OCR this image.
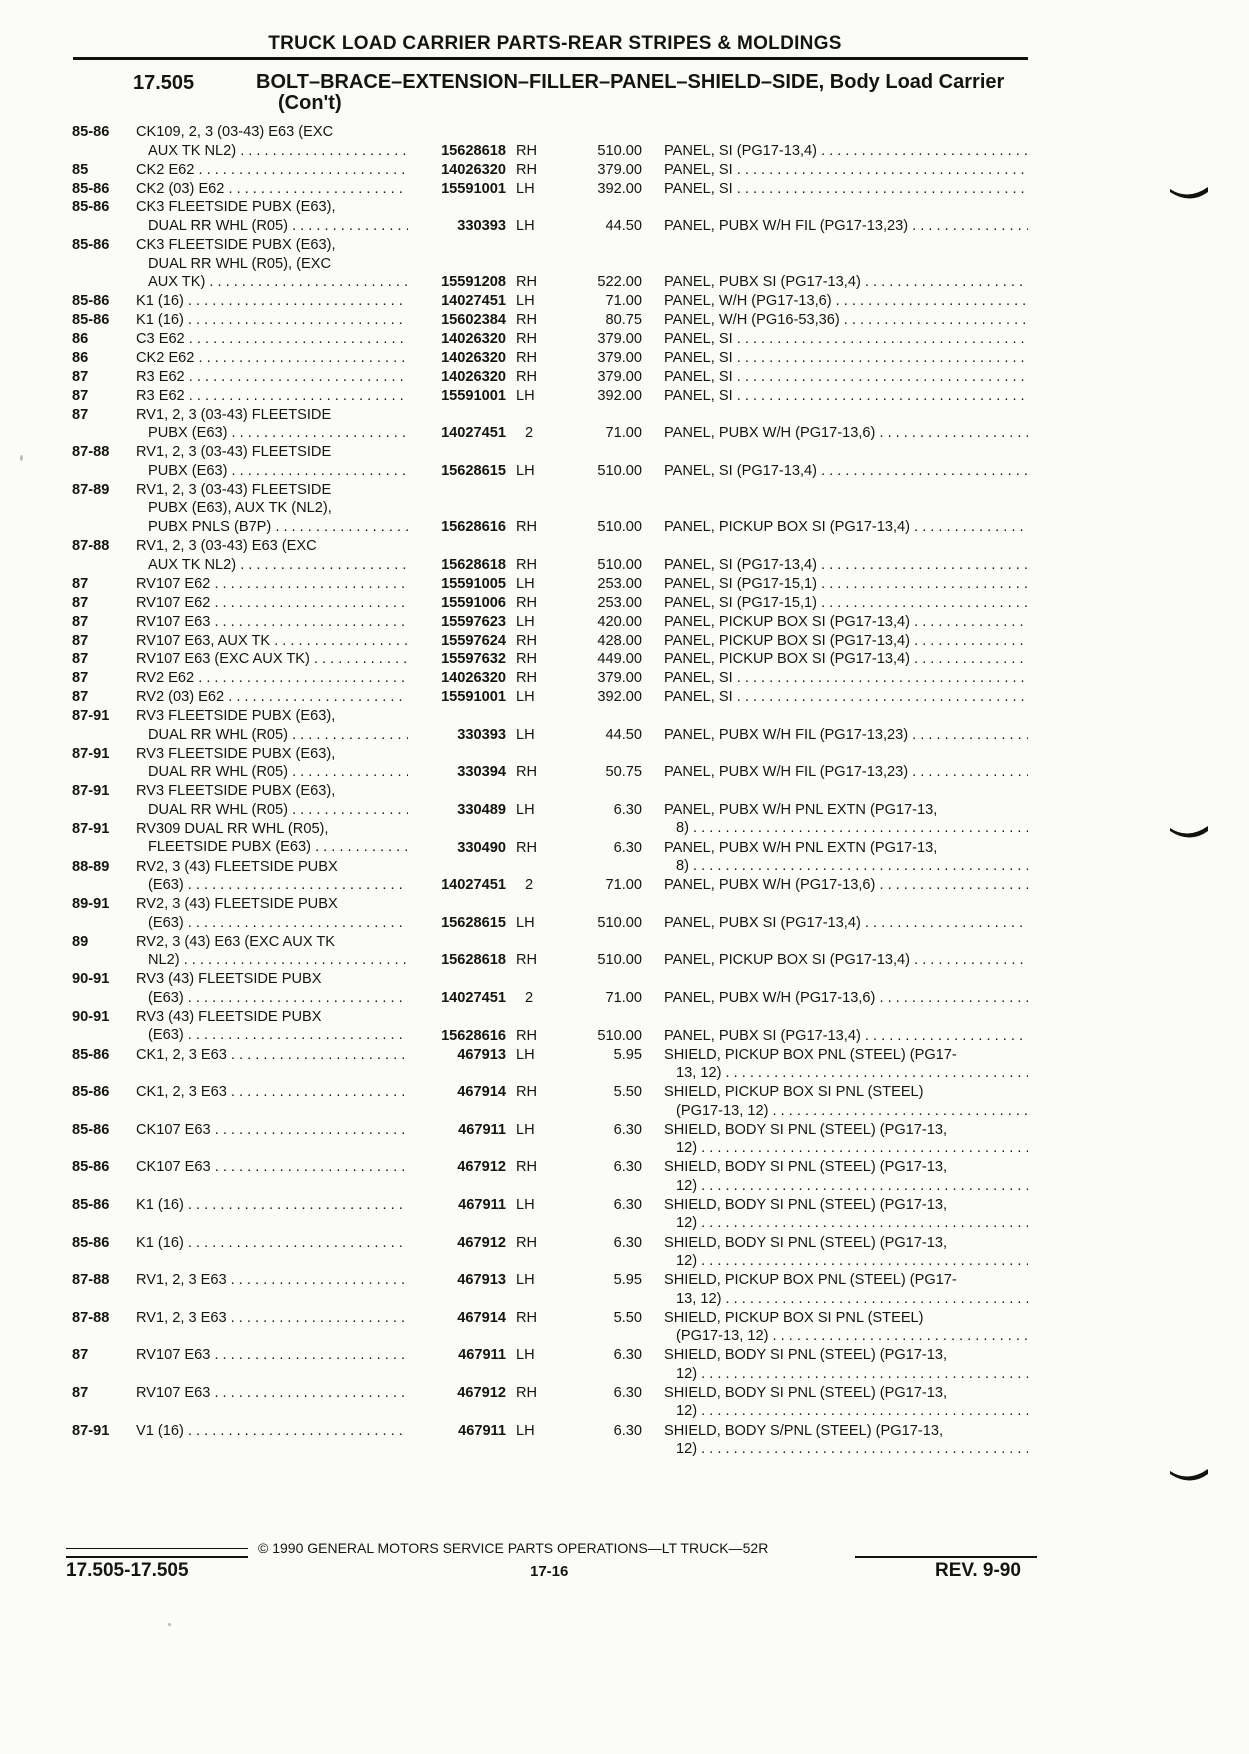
TRUCK LOAD CARRIER PARTS-REAR STRIPES & MOLDINGS
17.505	BOLT–BRACE–EXTENSION–FILLER–PANEL–SHIELD–SIDE, Body Load Carrier (Con't)
85-86 CK109, 2, 3 (03-43) E63 (EXC
AUX TK NL2) . . .	15628618 RH	510.00 PANEL, SI (PG17-13,4) . . .
85	CK2 E62 . . .	14026320 RH	379.00 PANEL, SI . . .
85-86 CK2 (03) E62 . . .	15591001 LH	392.00 PANEL, SI . . .
85-86 CK3 FLEETSIDE PUBX (E63),
DUAL RR WHL (R05) . . .	330393 LH	44.50 PANEL, PUBX W/H FIL (PG17-13,23) . . .
85-86 CK3 FLEETSIDE PUBX (E63),
DUAL RR WHL (R05), (EXC
AUX TK) . . .	15591208 RH	522.00 PANEL, PUBX SI (PG17-13,4) . . .
85-86 K1 (16) . . .	14027451 LH	71.00 PANEL, W/H (PG17-13,6) . . .
85-86 K1 (16) . . .	15602384 RH	80.75 PANEL, W/H (PG16-53,36) . . .
86	C3 E62 . . .	14026320 RH	379.00 PANEL, SI . . .
86	CK2 E62 . . .	14026320 RH	379.00 PANEL, SI . . .
87	R3 E62 . . .	14026320 RH	379.00 PANEL, SI . . .
87	R3 E62 . . .	15591001 LH	392.00 PANEL, SI . . .
87	RV1, 2, 3 (03-43) FLEETSIDE
PUBX (E63) . . .	14027451	2	71.00 PANEL, PUBX W/H (PG17-13,6) . . .
87-88 RV1, 2, 3 (03-43) FLEETSIDE
PUBX (E63) . . .	15628615 LH	510.00 PANEL, SI (PG17-13,4) . . .
87-89 RV1, 2, 3 (03-43) FLEETSIDE
PUBX (E63), AUX TK (NL2),
PUBX PNLS (B7P) . . .	15628616 RH	510.00 PANEL, PICKUP BOX SI (PG17-13,4) . . .
87-88 RV1, 2, 3 (03-43) E63 (EXC
AUX TK NL2) . . .	15628618 RH	510.00 PANEL, SI (PG17-13,4) . . .
87	RV107 E62 . . .	15591005 LH	253.00 PANEL, SI (PG17-15,1) . . .
87	RV107 E62 . . .	15591006 RH	253.00 PANEL, SI (PG17-15,1) . . .
87	RV107 E63 . . .	15597623 LH	420.00 PANEL, PICKUP BOX SI (PG17-13,4) . . .
87	RV107 E63, AUX TK . . .	15597624 RH	428.00 PANEL, PICKUP BOX SI (PG17-13,4) . . .
87	RV107 E63 (EXC AUX TK) . . .	15597632 RH	449.00 PANEL, PICKUP BOX SI (PG17-13,4) . . .
87	RV2 E62 . . .	14026320 RH	379.00 PANEL, SI . . .
87	RV2 (03) E62 . . .	15591001 LH	392.00 PANEL, SI . . .
87-91 RV3 FLEETSIDE PUBX (E63),
DUAL RR WHL (R05) . . .	330393 LH	44.50 PANEL, PUBX W/H FIL (PG17-13,23) . . .
87-91 RV3 FLEETSIDE PUBX (E63),
DUAL RR WHL (R05) . . .	330394 RH	50.75 PANEL, PUBX W/H FIL (PG17-13,23) . . .
87-91 RV3 FLEETSIDE PUBX (E63),
DUAL RR WHL (R05) . . .	330489 LH	6.30 PANEL, PUBX W/H PNL EXTN (PG17-13,
8) . . .
87-91 RV309 DUAL RR WHL (R05),
FLEETSIDE PUBX (E63) . . .	330490 RH	6.30 PANEL, PUBX W/H PNL EXTN (PG17-13,
8) . . .
88-89 RV2, 3 (43) FLEETSIDE PUBX
(E63) . . .	14027451	2	71.00 PANEL, PUBX W/H (PG17-13,6) . . .
89-91 RV2, 3 (43) FLEETSIDE PUBX
(E63) . . .	15628615 LH	510.00 PANEL, PUBX SI (PG17-13,4) . . .
89	RV2, 3 (43) E63 (EXC AUX TK
NL2) . . .	15628618 RH	510.00 PANEL, PICKUP BOX SI (PG17-13,4) . . .
90-91 RV3 (43) FLEETSIDE PUBX
(E63) . . .	14027451	2	71.00 PANEL, PUBX W/H (PG17-13,6) . . .
90-91 RV3 (43) FLEETSIDE PUBX
(E63) . . .	15628616 RH	510.00 PANEL, PUBX SI (PG17-13,4) . . .
85-86 CK1, 2, 3 E63 . . .	467913 LH	5.95 SHIELD, PICKUP BOX PNL (STEEL) (PG17-
13, 12) . . .
85-86 CK1, 2, 3 E63 . . .	467914 RH	5.50 SHIELD, PICKUP BOX SI PNL (STEEL)
(PG17-13, 12) . . .
85-86 CK107 E63 . . .	467911 LH	6.30 SHIELD, BODY SI PNL (STEEL) (PG17-13,
12) . . .
85-86 CK107 E63 . . .	467912 RH	6.30 SHIELD, BODY SI PNL (STEEL) (PG17-13,
12) . . .
85-86 K1 (16) . . .	467911 LH	6.30 SHIELD, BODY SI PNL (STEEL) (PG17-13,
12) . . .
85-86 K1 (16) . . .	467912 RH	6.30 SHIELD, BODY SI PNL (STEEL) (PG17-13,
12) . . .
87-88 RV1, 2, 3 E63 . . .	467913 LH	5.95 SHIELD, PICKUP BOX PNL (STEEL) (PG17-
13, 12) . . .
87-88 RV1, 2, 3 E63 . . .	467914 RH	5.50 SHIELD, PICKUP BOX SI PNL (STEEL)
(PG17-13, 12) . . .
87	RV107 E63 . . .	467911 LH	6.30 SHIELD, BODY SI PNL (STEEL) (PG17-13,
12) . . .
87	RV107 E63 . . .	467912 RH	6.30 SHIELD, BODY SI PNL (STEEL) (PG17-13,
12) . . .
87-91 V1 (16) . . .	467911 LH	6.30 SHIELD, BODY S/PNL (STEEL) (PG17-13,
12) . . .
© 1990 GENERAL MOTORS SERVICE PARTS OPERATIONS—LT TRUCK—52R
17.505-17.505	17-16	REV. 9-90
